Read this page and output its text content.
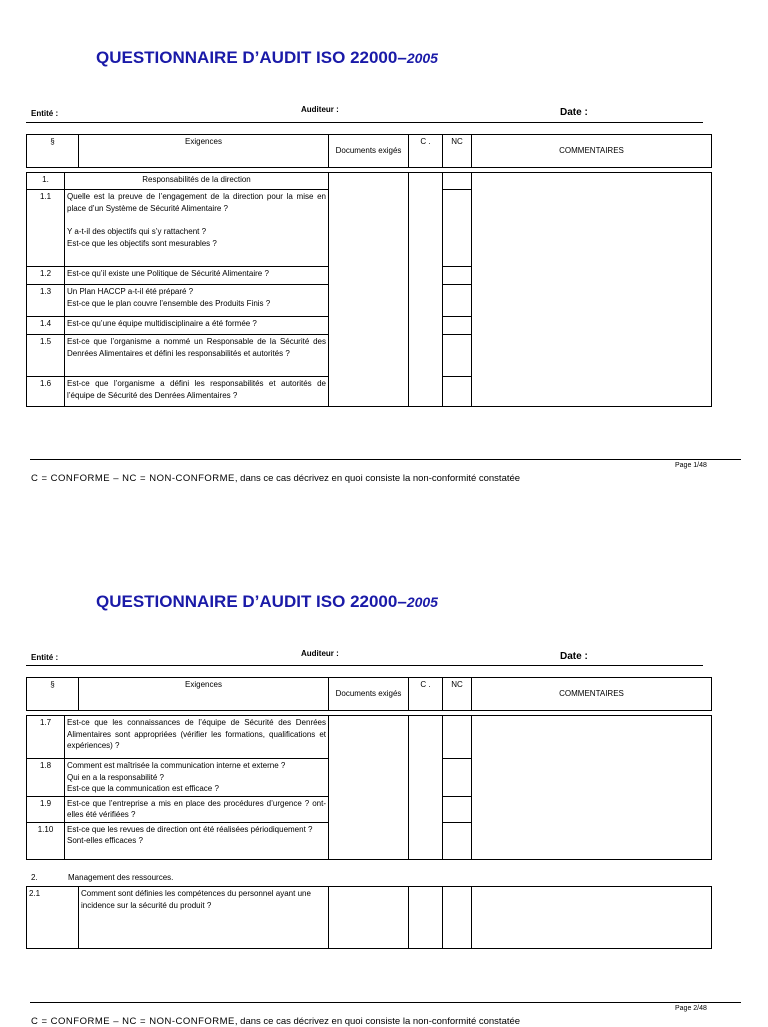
QUESTIONNAIRE D’AUDIT ISO 22000–2005
Entité :	Auditeur :	Date :
§	Exigences	Documents exigés	C .	NC	COMMENTAIRES
1.	Responsabilités de la direction				
1.1	Quelle est la preuve de l’engagement de la direction pour la mise en place d’un Système de Sécurité Alimentaire ?
Y a-t-il des objectifs qui s’y rattachent ?
Est-ce que les objectifs sont mesurables ?				

1.2	Est-ce qu’il existe une Politique de Sécurité Alimentaire ?				
1.3	Un Plan HACCP a-t-il été préparé ?
Est-ce que le plan couvre l’ensemble des Produits Finis ?				

1.4	Est-ce qu’une équipe multidisciplinaire a été formée ?				
1.5	Est-ce que l’organisme a nommé un Responsable de la Sécurité des Denrées Alimentaires et défini les responsabilités et autorités ?				
1.6	Est-ce que l’organisme a défini les responsabilités et autorités de l’équipe de Sécurité des Denrées Alimentaires ?				
Page 1/48
C = CONFORME – NC = NON-CONFORME, dans ce cas décrivez en quoi consiste la non-conformité constatée
QUESTIONNAIRE D’AUDIT ISO 22000–2005
Entité :	Auditeur :	Date :
§	Exigences	Documents exigés	C .	NC	COMMENTAIRES
1.7	Est-ce que les connaissances de l’équipe de Sécurité des Denrées Alimentaires sont appropriées (vérifier les formations, qualifications et expériences) ?				
1.8	Comment est maîtrisée la communication interne et externe ?
Qui en a la responsabilité ?
Est-ce que la communication est efficace ?				

1.9	Est-ce que l’entreprise a mis en place des procédures d’urgence ? ont-elles été vérifiées ?				
1.10	Est-ce que les revues de direction ont été réalisées périodiquement ?
Sont-elles efficaces ?				

2.	Management des ressources.
2.1	Comment sont définies les compétences du personnel ayant une incidence sur la sécurité du produit ?				
Page 2/48
C = CONFORME – NC = NON-CONFORME, dans ce cas décrivez en quoi consiste la non-conformité constatée
